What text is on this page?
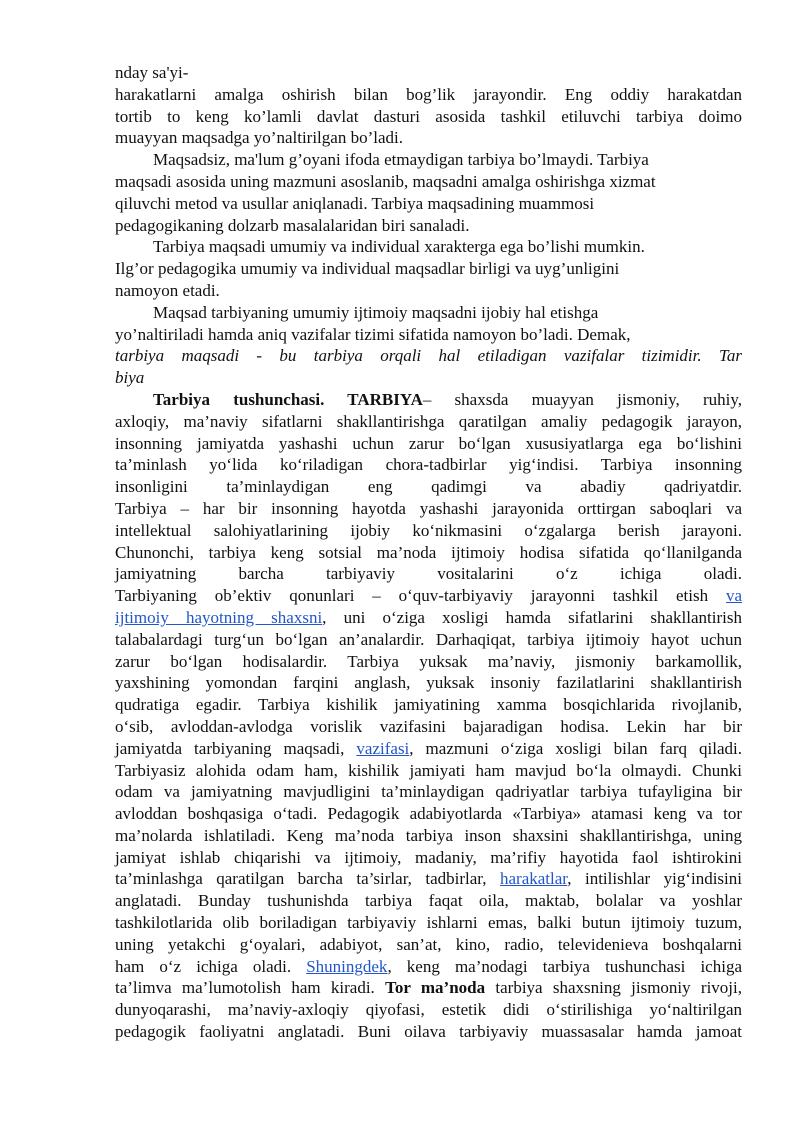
nday sa'yi-
harakatlarni amalga oshirish bilan bog’lik jarayondir. Eng oddiy harakatdan
tortib to keng ko’lamli davlat dasturi asosida tashkil etiluvchi tarbiya doimo
muayyan maqsadga yo’naltirilgan bo’ladi.
Maqsadsiz, ma'lum g’oyani ifoda etmaydigan tarbiya bo’lmaydi. Tarbiya
maqsadi asosida uning mazmuni asoslanib, maqsadni amalga oshirishga xizmat
qiluvchi metod va usullar aniqlanadi. Tarbiya maqsadining muammosi
pedagogikaning dolzarb masalalaridan biri sanaladi.
Tarbiya maqsadi umumiy va individual xarakterga ega bo’lishi mumkin.
Ilg’or pedagogika umumiy va individual maqsadlar birligi va uyg’unligini
namoyon etadi.
Maqsad tarbiyaning umumiy ijtimoiy maqsadni ijobiy hal etishga
yo’naltiriladi hamda aniq vazifalar tizimi sifatida namoyon bo’ladi. Demak,
tarbiya maqsadi - bu tarbiya orqali hal etiladigan vazifalar tizimidir. Tar
biya
Tarbiya tushunchasi. TARBIYA– shaxsda muayyan jismoniy, ruhiy,
axloqiy, ma’naviy sifatlarni shakllantirishga qaratilgan amaliy pedagogik jarayon,
insonning jamiyatda yashashi uchun zarur bo‘lgan xususiyatlarga ega bo‘lishini
ta’minlash yo‘lida ko‘riladigan chora-tadbirlar yig‘indisi. Tarbiya insonning
insonligini ta’minlaydigan eng qadimgi va abadiy qadriyatdir.
Tarbiya – har bir insonning hayotda yashashi jarayonida orttirgan saboqlari va
intellektual salohiyatlarining ijobiy ko‘nikmasini o‘zgalarga berish jarayoni.
Chunonchi, tarbiya keng sotsial ma’noda ijtimoiy hodisa sifatida qo‘llanilganda
jamiyatning barcha tarbiyaviy vositalarini o‘z ichiga oladi.
Tarbiyaning ob’ektiv qonunlari – o‘quv-tarbiyaviy jarayonni tashkil etish va
ijtimoiy hayotning shaxsni, uni o‘ziga xosligi hamda sifatlarini shakllantirish
talabalardagi turg‘un bo‘lgan an’analardir. Darhaqiqat, tarbiya ijtimoiy hayot uchun
zarur bo‘lgan hodisalardir. Tarbiya yuksak ma’naviy, jismoniy barkamollik,
yaxshining yomondan farqini anglash, yuksak insoniy fazilatlarini shakllantirish
qudratiga egadir. Tarbiya kishilik jamiyatining xamma bosqichlarida rivojlanib,
o‘sib, avloddan-avlodga vorislik vazifasini bajaradigan hodisa. Lekin har bir
jamiyatda tarbiyaning maqsadi, vazifasi, mazmuni o‘ziga xosligi bilan farq qiladi.
Tarbiyasiz alohida odam ham, kishilik jamiyati ham mavjud bo‘la olmaydi. Chunki
odam va jamiyatning mavjudligini ta’minlaydigan qadriyatlar tarbiya tufayligina bir
avloddan boshqasiga o‘tadi. Pedagogik adabiyotlarda «Tarbiya» atamasi keng va tor
ma’nolarda ishlatiladi. Keng ma’noda tarbiya inson shaxsini shakllantirishga, uning
jamiyat ishlab chiqarishi va ijtimoiy, madaniy, ma’rifiy hayotida faol ishtirokini
ta’minlashga qaratilgan barcha ta’sirlar, tadbirlar, harakatlar, intilishlar yig‘indisini
anglatadi. Bunday tushunishda tarbiya faqat oila, maktab, bolalar va yoshlar
tashkilotlarida olib boriladigan tarbiyaviy ishlarni emas, balki butun ijtimoiy tuzum,
uning yetakchi g‘oyalari, adabiyot, san’at, kino, radio, televidenieva boshqalarni
ham o‘z ichiga oladi. Shuningdek, keng ma’nodagi tarbiya tushunchasi ichiga
ta’limva ma’lumotolish ham kiradi. Tor ma’noda tarbiya shaxsning jismoniy rivoji,
dunyoqarashi, ma’naviy-axloqiy qiyofasi, estetik didi o‘stirilishiga yo‘naltirilgan
pedagogik faoliyatni anglatadi. Buni oilava tarbiyaviy muassasalar hamda jamoat
